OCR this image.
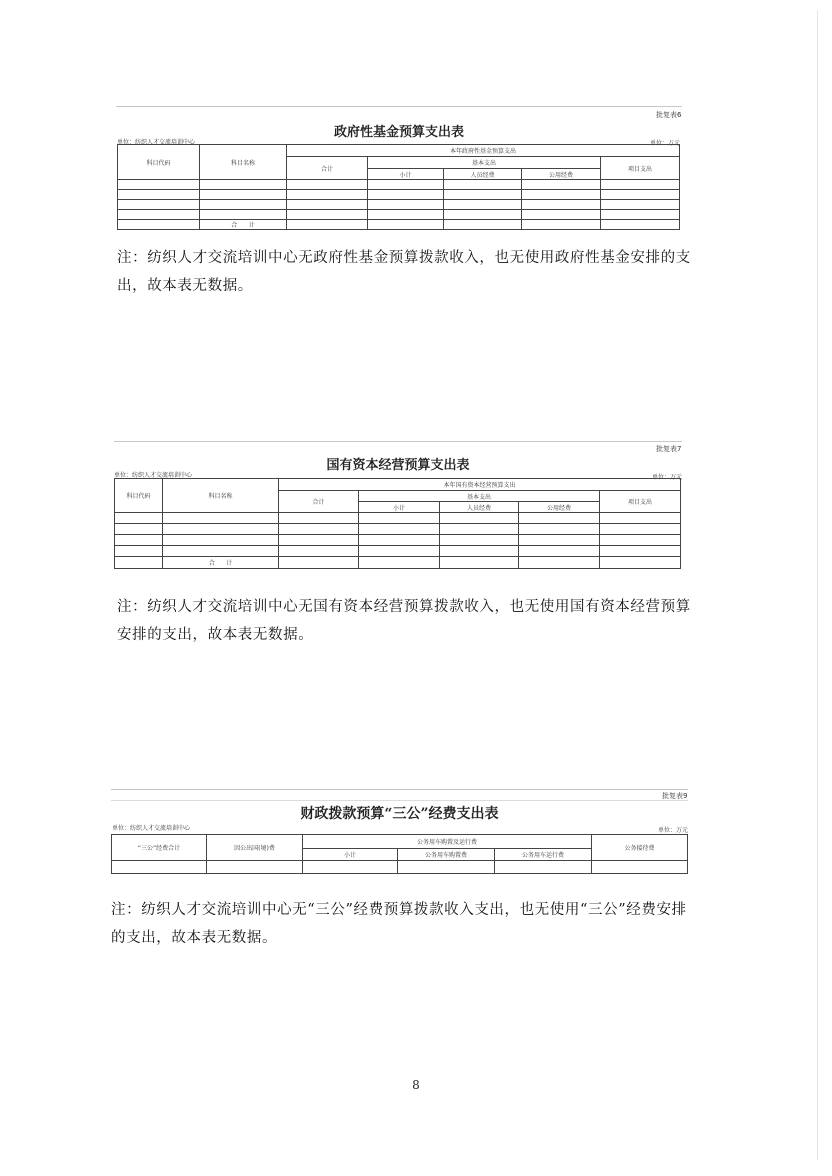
批复表6
政府性基金预算支出表
单位：纺织人才交流培训中心	单位：万元
科目代码	科目名称	本年政府性基金预算支出				
		合计	基本支出			项目支出
			小计	人员经费	公用经费	

	合      计					
注：纺织人才交流培训中心无政府性基金预算拨款收入，也无使用政府性基金安排的支出，故本表无数据。
批复表7
国有资本经营预算支出表
单位：纺织人才交流培训中心	单位：万元
科目代码	科目名称	本年国有资本经营预算支出				
		合计	基本支出			项目支出
			小计	人员经费	公用经费	

	合      计					
注：纺织人才交流培训中心无国有资本经营预算拨款收入，也无使用国有资本经营预算安排的支出，故本表无数据。
批复表9
财政拨款预算“三公”经费支出表
单位：纺织人才交流培训中心	单位：万元
“三公”经费合计	因公出国(境)费	公务用车购置及运行费			公务接待费
		小计	公务用车购置费	公务用车运行费	

注：纺织人才交流培训中心无“三公”经费预算拨款收入支出，也无使用“三公”经费安排的支出，故本表无数据。
8
